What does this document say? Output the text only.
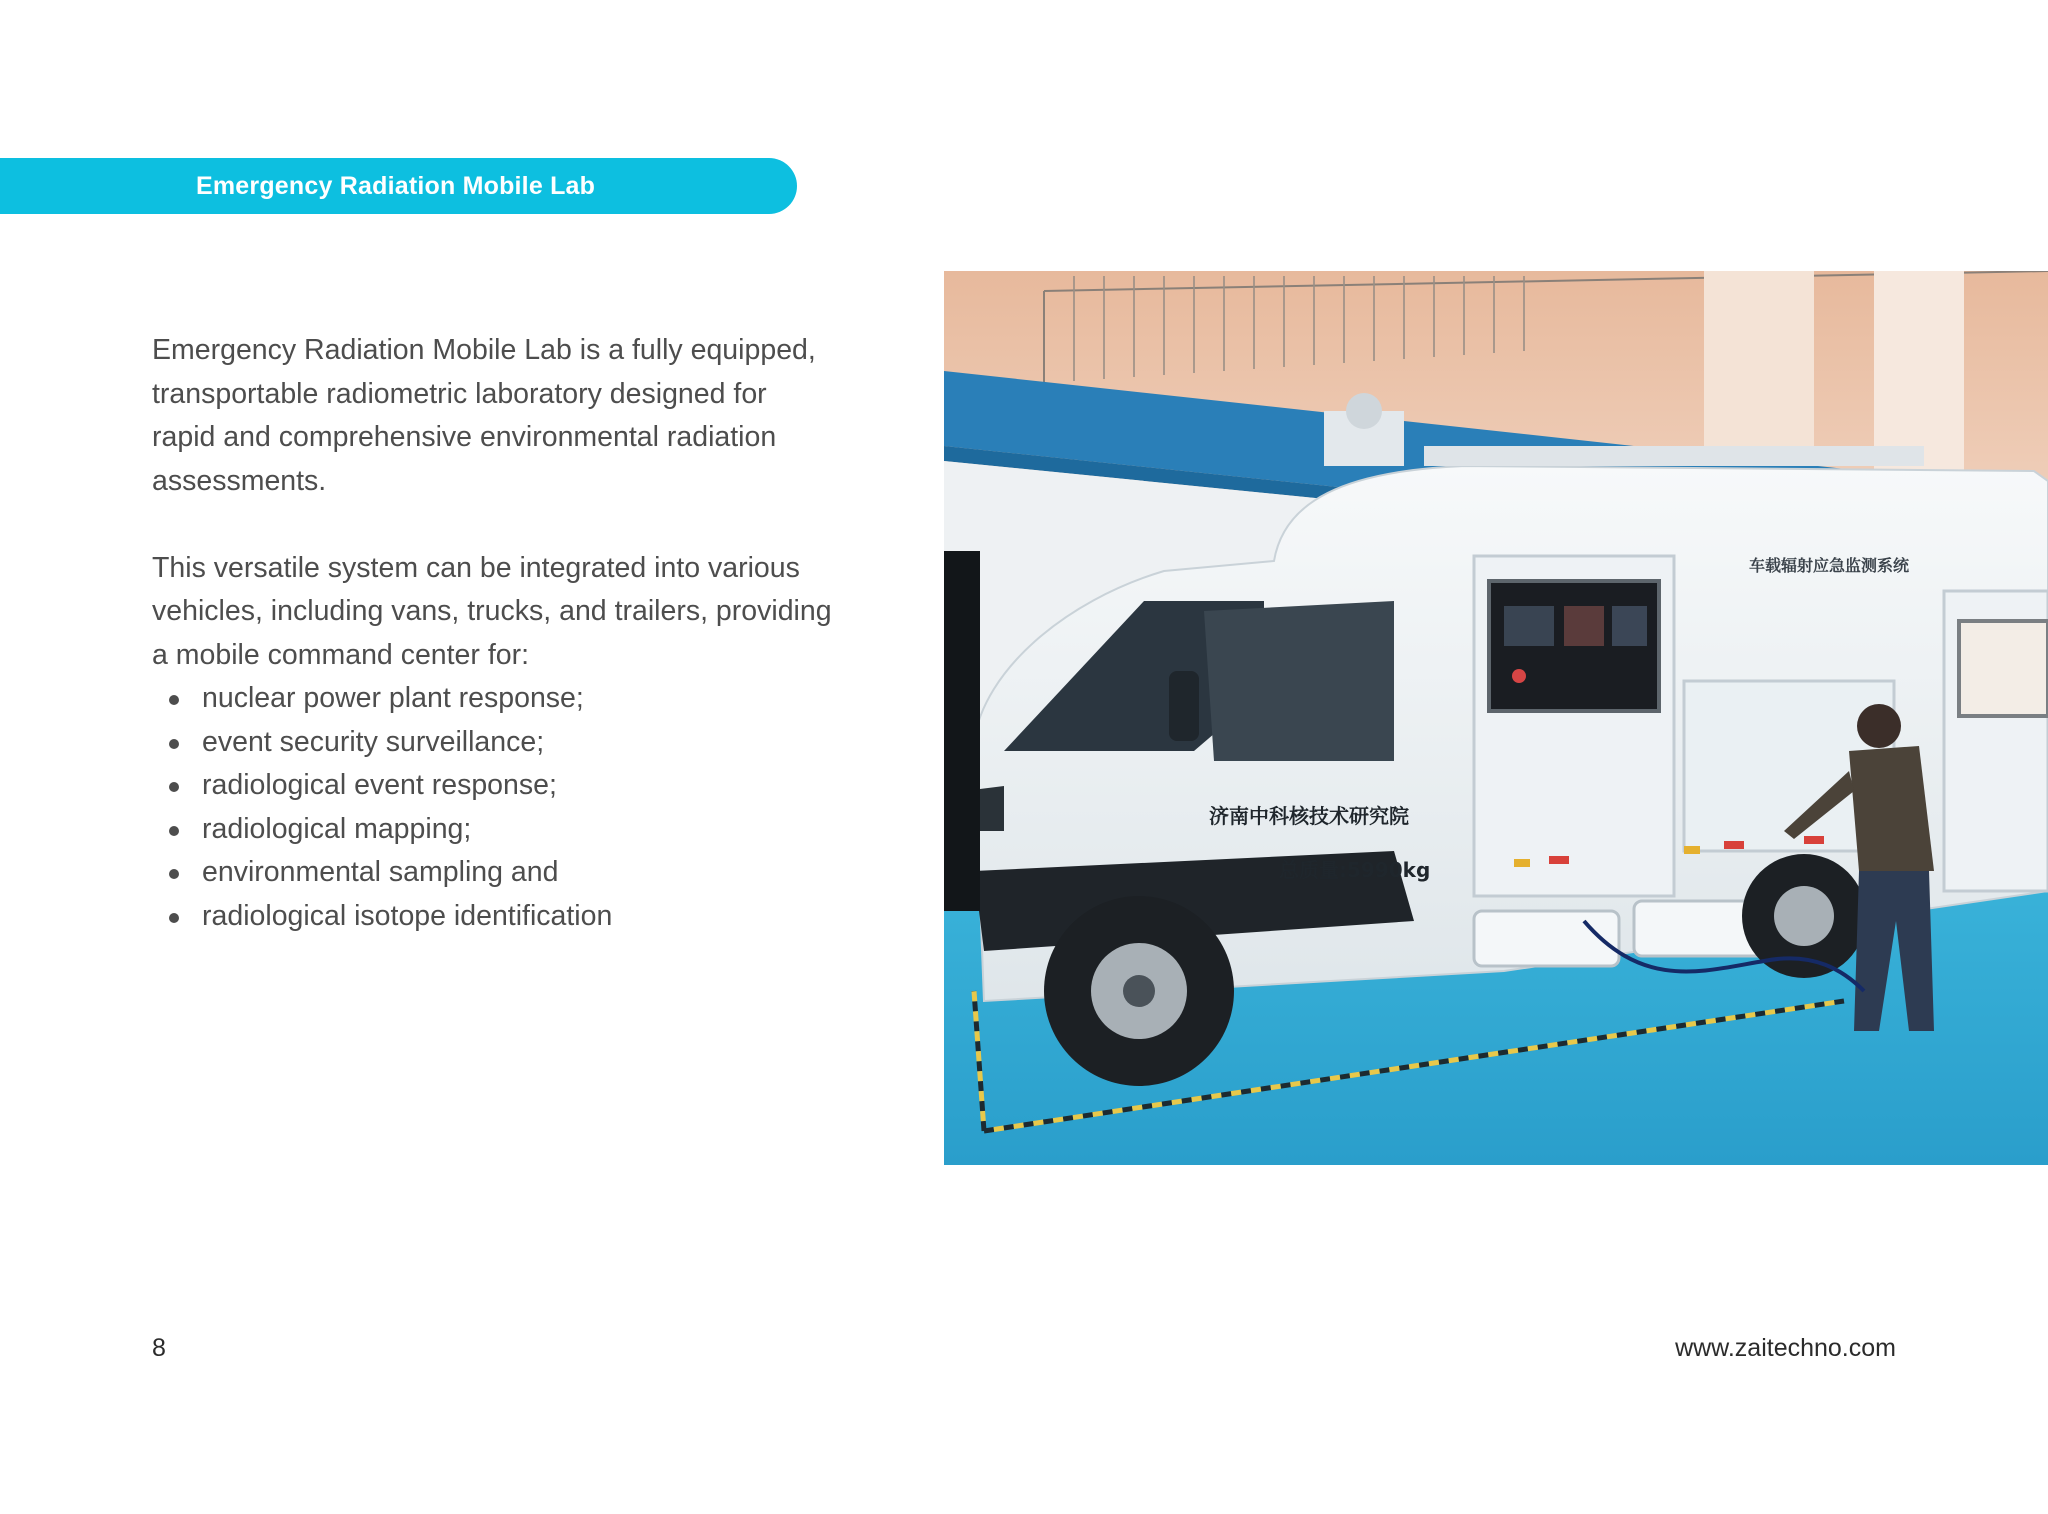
Emergency Radiation Mobile Lab

Emergency Radiation Mobile Lab is a fully equipped, transportable radiometric laboratory designed for rapid and comprehensive environmental radiation assessments.

This versatile system can be integrated into various vehicles, including vans, trucks, and trailers, providing a mobile command center for:

nuclear power plant response;
event security surveillance;
radiological event response;
radiological mapping;
environmental sampling and
radiological isotope identification
济南中科核技术研究院
总质量:5990kg
车载辐射应急监测系统
8	www.zaitechno.com
